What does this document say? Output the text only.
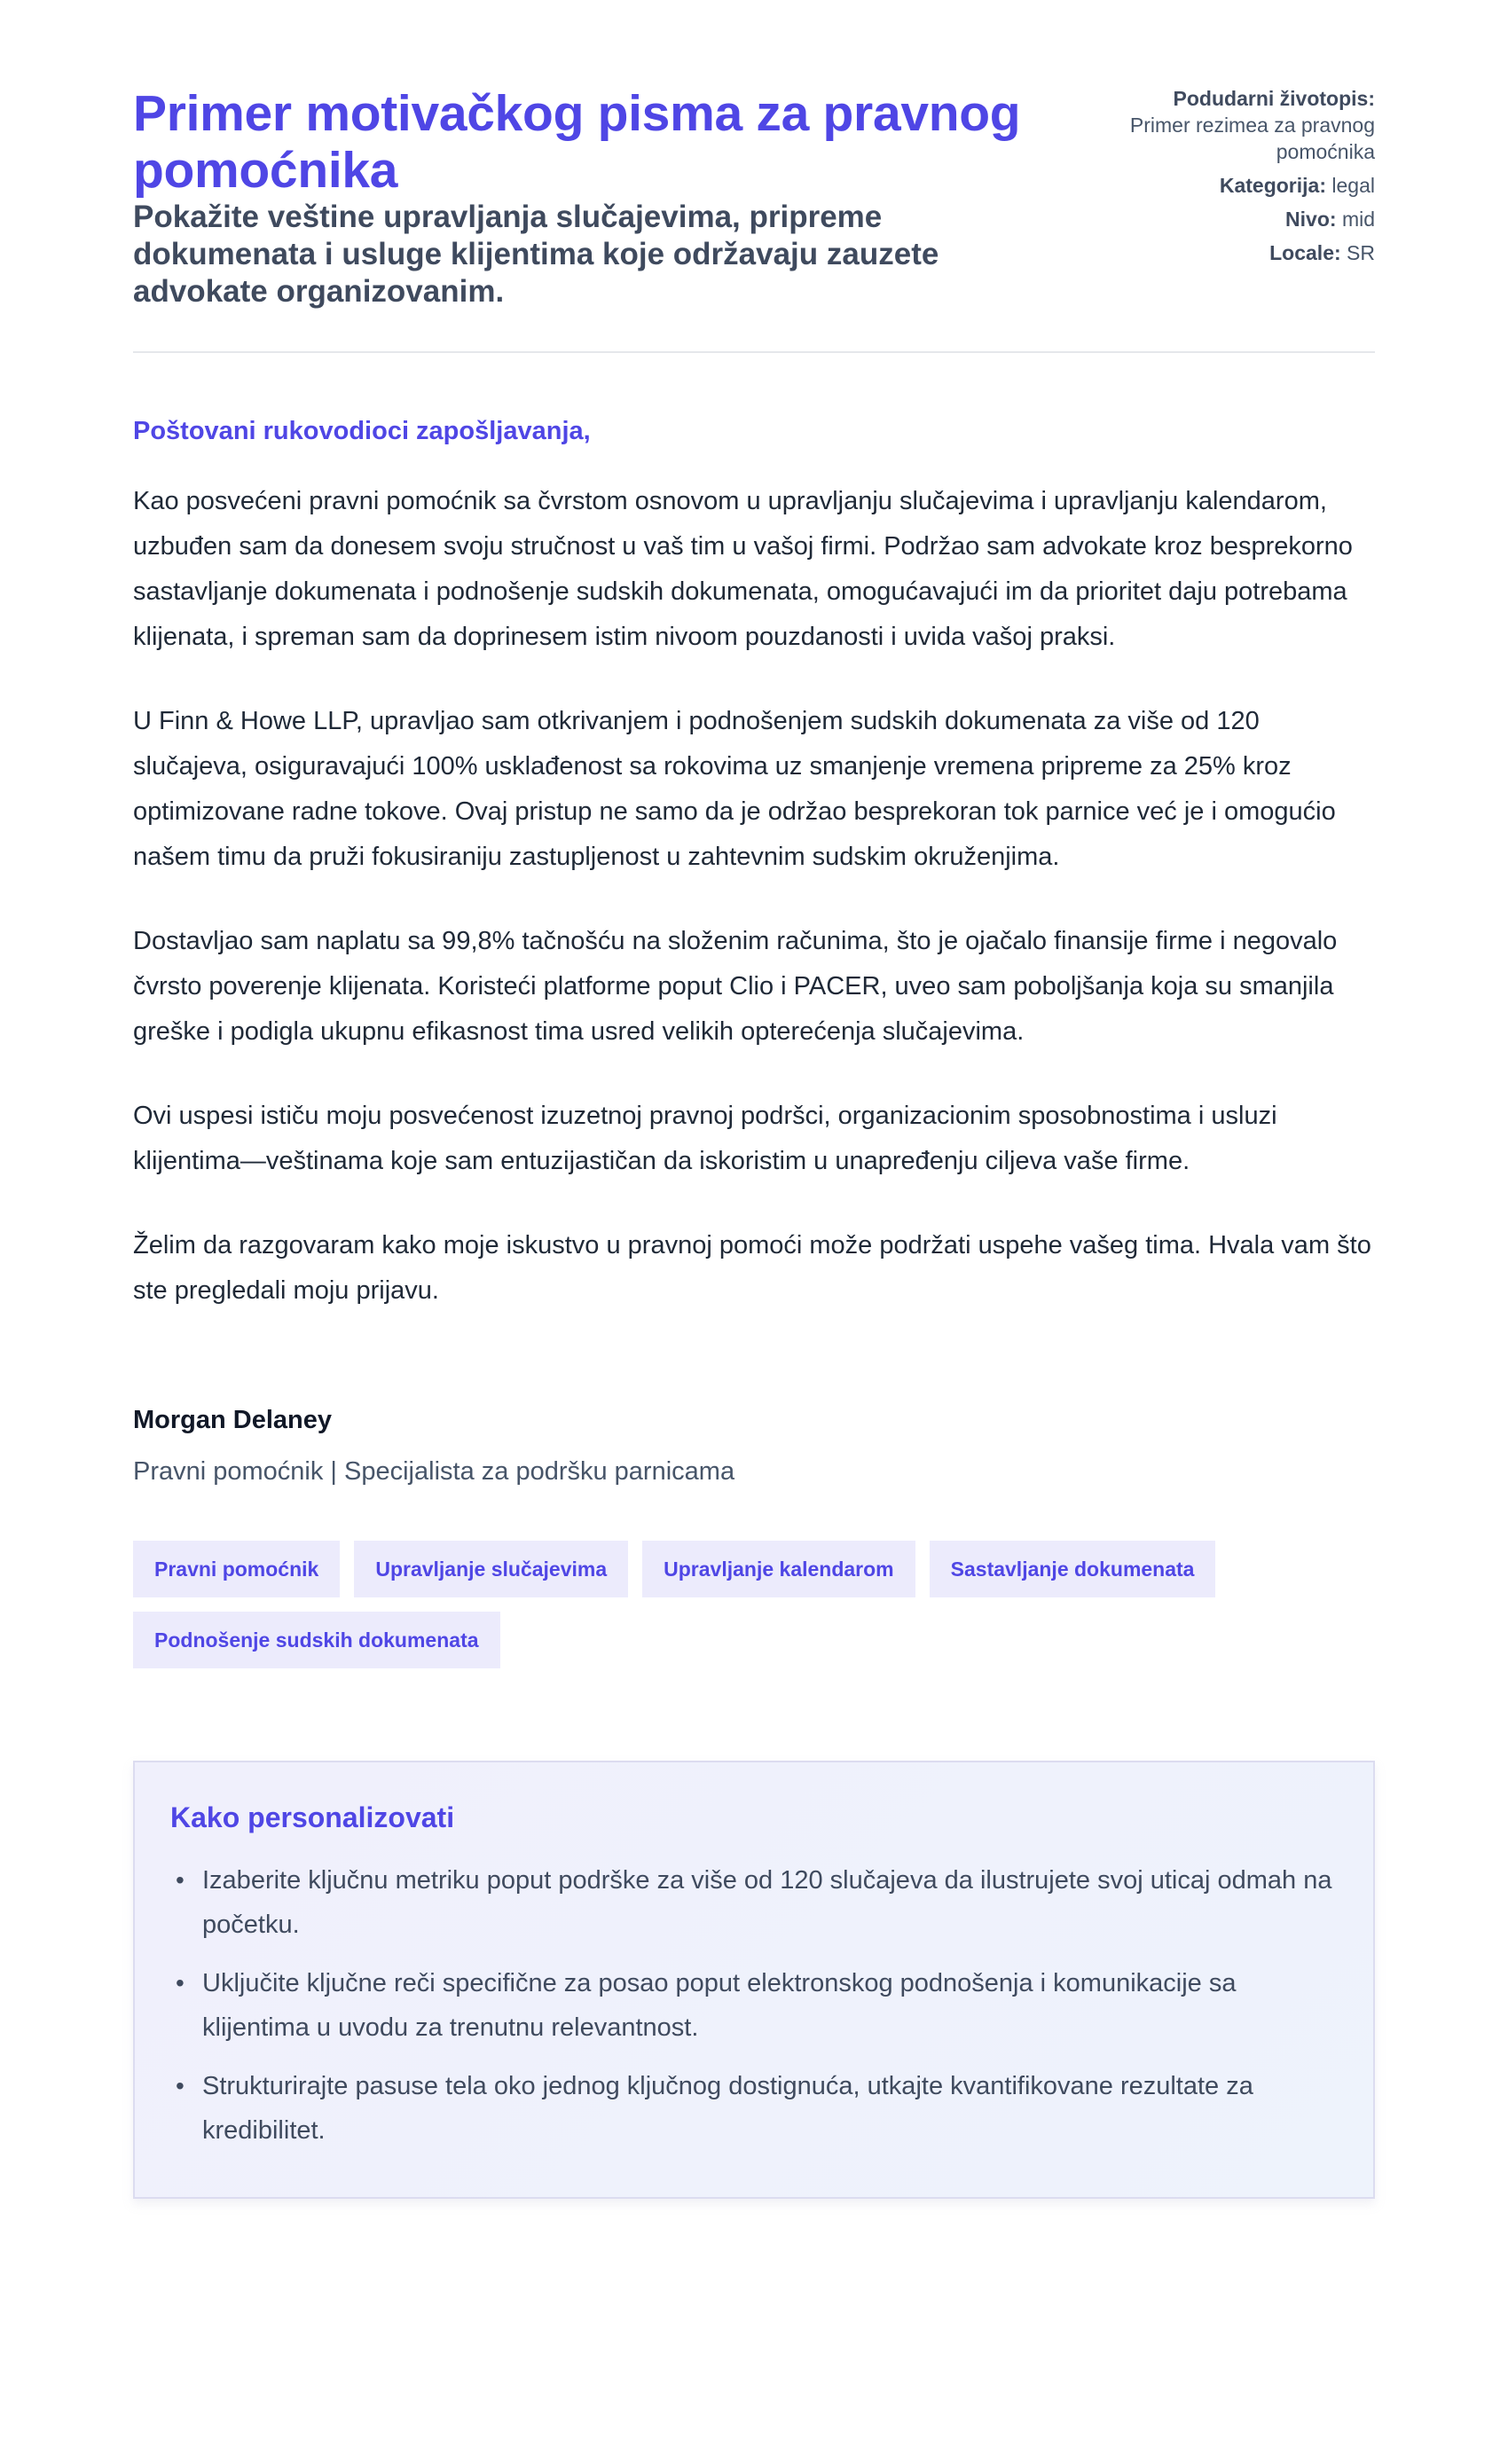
Primer motivačkog pisma za pravnog pomoćnika
Pokažite veštine upravljanja slučajevima, pripreme dokumenata i usluge klijentima koje održavaju zauzete advokate organizovanim.
Podudarni životopis:
Primer rezimea za pravnog pomoćnika
Kategorija: legal
Nivo: mid
Locale: SR
Poštovani rukovodioci zapošljavanja,

Kao posvećeni pravni pomoćnik sa čvrstom osnovom u upravljanju slučajevima i upravljanju kalendarom, uzbuđen sam da donesem svoju stručnost u vaš tim u vašoj firmi. Podržao sam advokate kroz besprekorno sastavljanje dokumenata i podnošenje sudskih dokumenata, omogućavajući im da prioritet daju potrebama klijenata, i spreman sam da doprinesem istim nivoom pouzdanosti i uvida vašoj praksi.

U Finn & Howe LLP, upravljao sam otkrivanjem i podnošenjem sudskih dokumenata za više od 120 slučajeva, osiguravajući 100% usklađenost sa rokovima uz smanjenje vremena pripreme za 25% kroz optimizovane radne tokove. Ovaj pristup ne samo da je održao besprekoran tok parnice već je i omogućio našem timu da pruži fokusiraniju zastupljenost u zahtevnim sudskim okruženjima.

Dostavljao sam naplatu sa 99,8% tačnošću na složenim računima, što je ojačalo finansije firme i negovalo čvrsto poverenje klijenata. Koristeći platforme poput Clio i PACER, uveo sam poboljšanja koja su smanjila greške i podigla ukupnu efikasnost tima usred velikih opterećenja slučajevima.

Ovi uspesi ističu moju posvećenost izuzetnoj pravnoj podršci, organizacionim sposobnostima i usluzi klijentima—veštinama koje sam entuzijastičan da iskoristim u unapređenju ciljeva vaše firme.

Želim da razgovaram kako moje iskustvo u pravnoj pomoći može podržati uspehe vašeg tima. Hvala vam što ste pregledali moju prijavu.

Morgan Delaney
Pravni pomoćnik | Specijalista za podršku parnicama
Pravni pomoćnik	Upravljanje slučajevima	Upravljanje kalendarom	Sastavljanje dokumenata
Podnošenje sudskih dokumenata
Kako personalizovati
• Izaberite ključnu metriku poput podrške za više od 120 slučajeva da ilustrujete svoj uticaj odmah na početku.
• Uključite ključne reči specifične za posao poput elektronskog podnošenja i komunikacije sa klijentima u uvodu za trenutnu relevantnost.
• Strukturirajte pasuse tela oko jednog ključnog dostignuća, utkajte kvantifikovane rezultate za kredibilitet.
